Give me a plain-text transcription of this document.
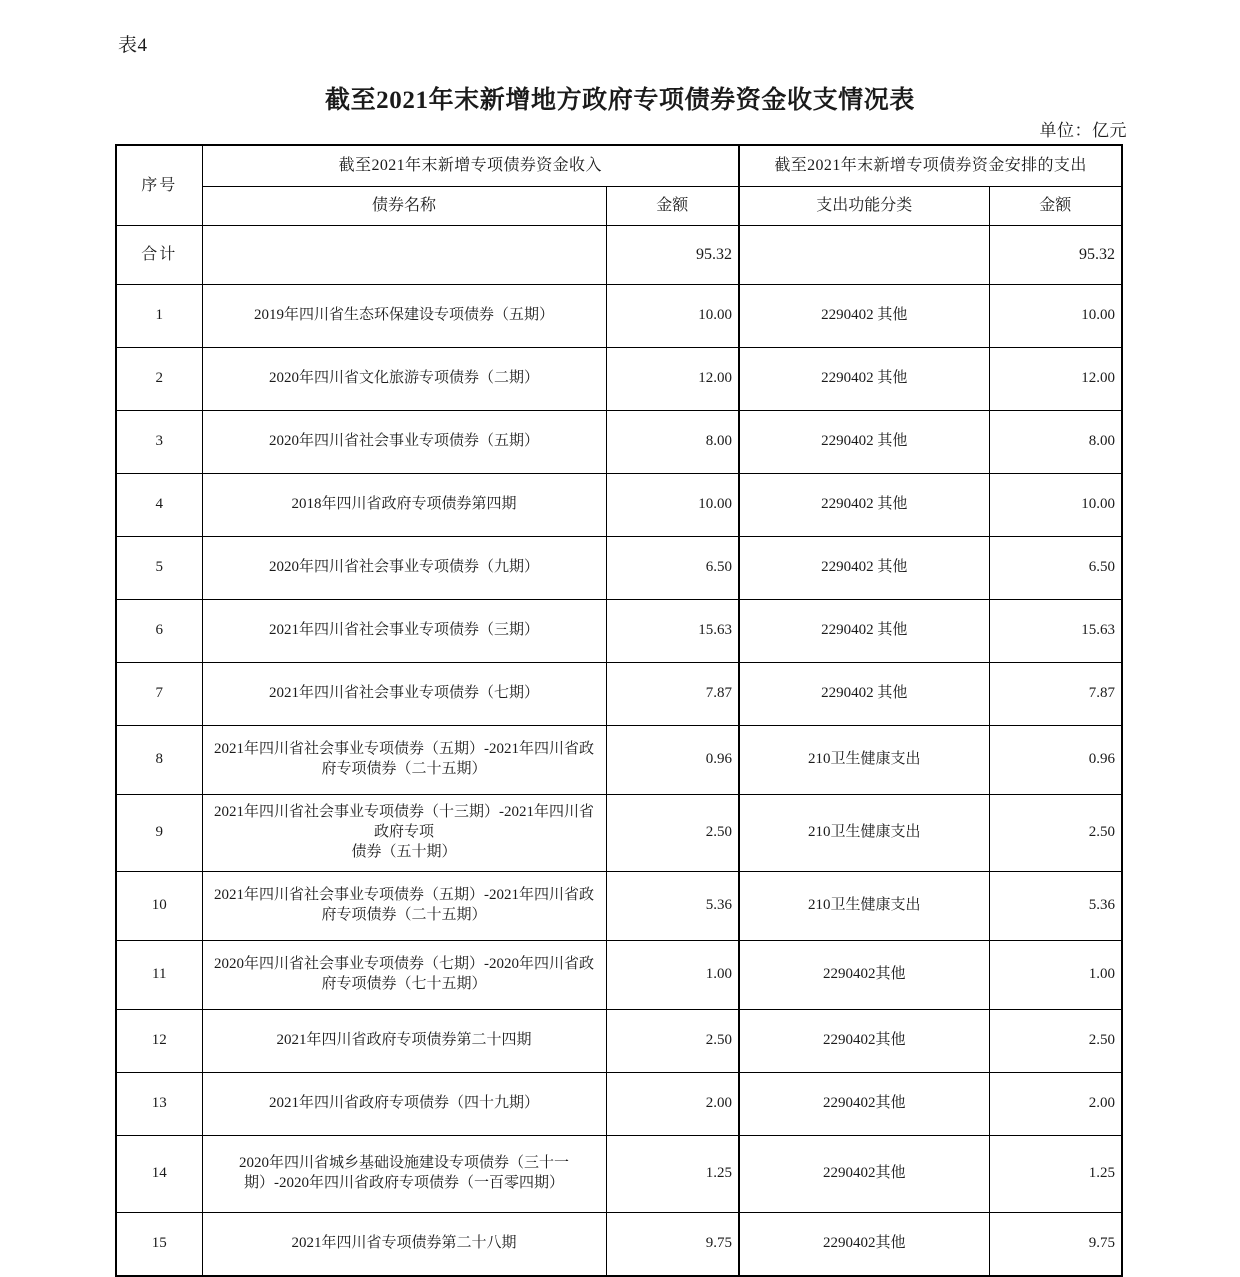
表4
截至2021年末新增地方政府专项债券资金收支情况表
单位：亿元
序号	截至2021年末新增专项债券资金收入		截至2021年末新增专项债券资金安排的支出	
	债券名称	金额	支出功能分类	金额
合计		95.32		95.32
1	2019年四川省生态环保建设专项债券（五期）	10.00	2290402 其他	10.00
2	2020年四川省文化旅游专项债券（二期）	12.00	2290402 其他	12.00
3	2020年四川省社会事业专项债券（五期）	8.00	2290402 其他	8.00
4	2018年四川省政府专项债券第四期	10.00	2290402 其他	10.00
5	2020年四川省社会事业专项债券（九期）	6.50	2290402 其他	6.50
6	2021年四川省社会事业专项债券（三期）	15.63	2290402 其他	15.63
7	2021年四川省社会事业专项债券（七期）	7.87	2290402 其他	7.87
8	2021年四川省社会事业专项债券（五期）-2021年四川省政府专项债券（二十五期）	0.96	210卫生健康支出	0.96
9	2021年四川省社会事业专项债券（十三期）-2021年四川省政府专项
债券（五十期）	2.50	210卫生健康支出	2.50
10	2021年四川省社会事业专项债券（五期）-2021年四川省政府专项债券（二十五期）	5.36	210卫生健康支出	5.36
11	2020年四川省社会事业专项债券（七期）-2020年四川省政府专项债券（七十五期）	1.00	2290402其他	1.00
12	2021年四川省政府专项债券第二十四期	2.50	2290402其他	2.50
13	2021年四川省政府专项债券（四十九期）	2.00	2290402其他	2.00
14	2020年四川省城乡基础设施建设专项债券（三十一期）-2020年四川省政府专项债券（一百零四期）	1.25	2290402其他	1.25
15	2021年四川省专项债券第二十八期	9.75	2290402其他	9.75
